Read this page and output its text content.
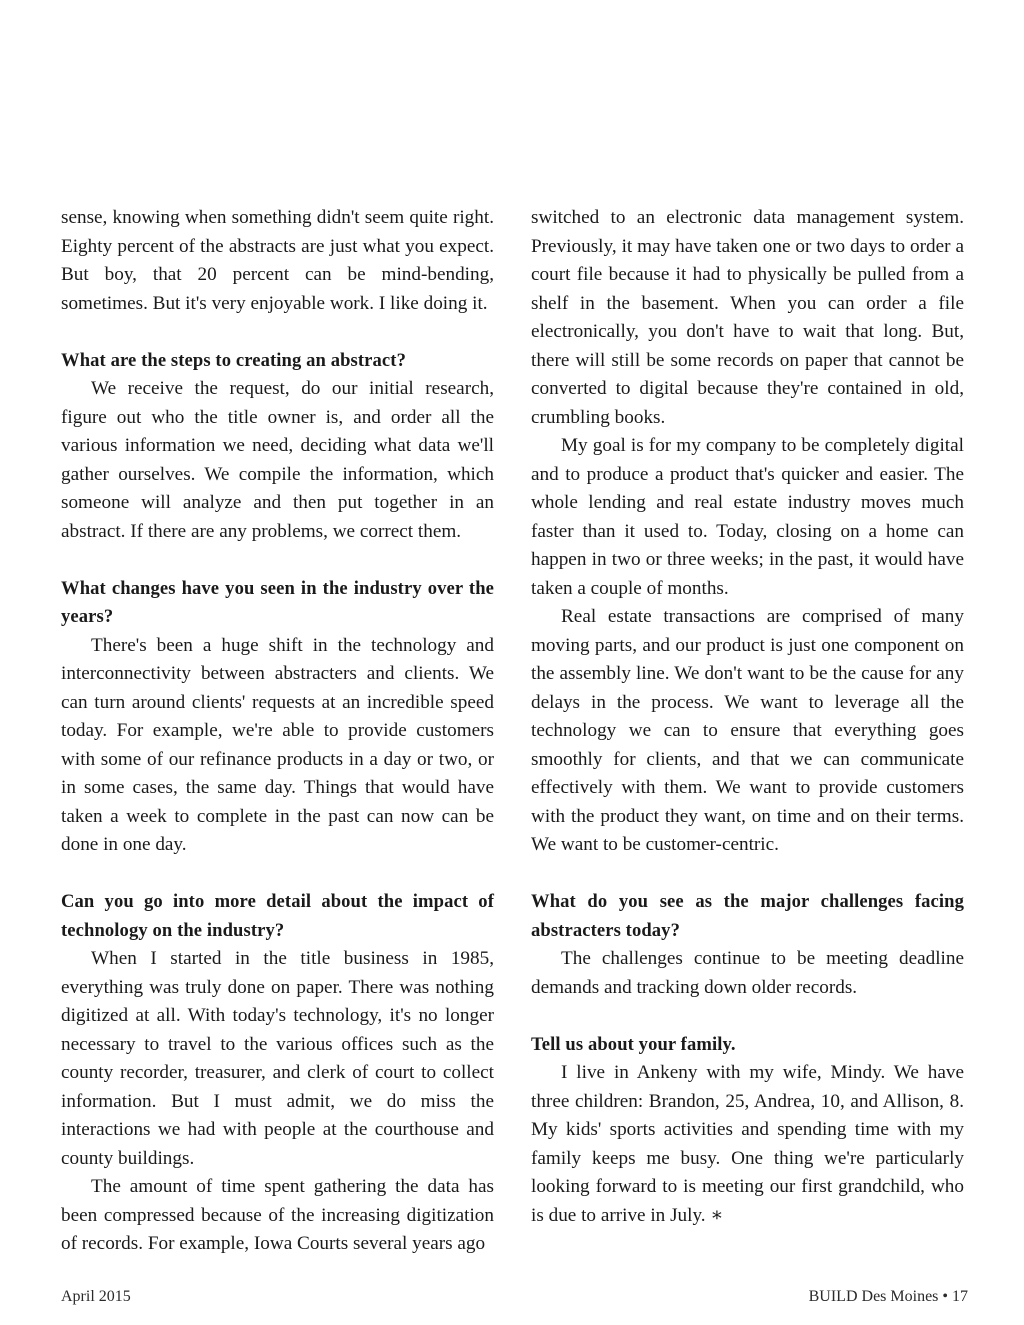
sense, knowing when something didn't seem quite right. Eighty percent of the abstracts are just what you expect. But boy, that 20 percent can be mind-bending, sometimes. But it's very enjoyable work. I like doing it.

What are the steps to creating an abstract?

We receive the request, do our initial research, figure out who the title owner is, and order all the various information we need, deciding what data we'll gather ourselves. We compile the information, which someone will analyze and then put together in an abstract. If there are any problems, we correct them.

What changes have you seen in the industry over the years?

There's been a huge shift in the technology and interconnectivity between abstracters and clients. We can turn around clients' requests at an incredible speed today. For example, we're able to provide customers with some of our refinance products in a day or two, or in some cases, the same day. Things that would have taken a week to complete in the past can now can be done in one day.

Can you go into more detail about the impact of technology on the industry?

When I started in the title business in 1985, everything was truly done on paper. There was nothing digitized at all. With today's technology, it's no longer necessary to travel to the various offices such as the county recorder, treasurer, and clerk of court to collect information. But I must admit, we do miss the interactions we had with people at the courthouse and county buildings.

The amount of time spent gathering the data has been compressed because of the increasing digitization of records. For example, Iowa Courts several years ago

switched to an electronic data management system. Previously, it may have taken one or two days to order a court file because it had to physically be pulled from a shelf in the basement. When you can order a file electronically, you don't have to wait that long. But, there will still be some records on paper that cannot be converted to digital because they're contained in old, crumbling books.

My goal is for my company to be completely digital and to produce a product that's quicker and easier. The whole lending and real estate industry moves much faster than it used to. Today, closing on a home can happen in two or three weeks; in the past, it would have taken a couple of months.

Real estate transactions are comprised of many moving parts, and our product is just one component on the assembly line. We don't want to be the cause for any delays in the process. We want to leverage all the technology we can to ensure that everything goes smoothly for clients, and that we can communicate effectively with them. We want to provide customers with the product they want, on time and on their terms. We want to be customer-centric.

What do you see as the major challenges facing abstracters today?

The challenges continue to be meeting deadline demands and tracking down older records.

Tell us about your family.

I live in Ankeny with my wife, Mindy. We have three children: Brandon, 25, Andrea, 10, and Allison, 8. My kids' sports activities and spending time with my family keeps me busy. One thing we're particularly looking forward to is meeting our first grandchild, who is due to arrive in July. ∗

April 2015	BUILD Des Moines • 17
